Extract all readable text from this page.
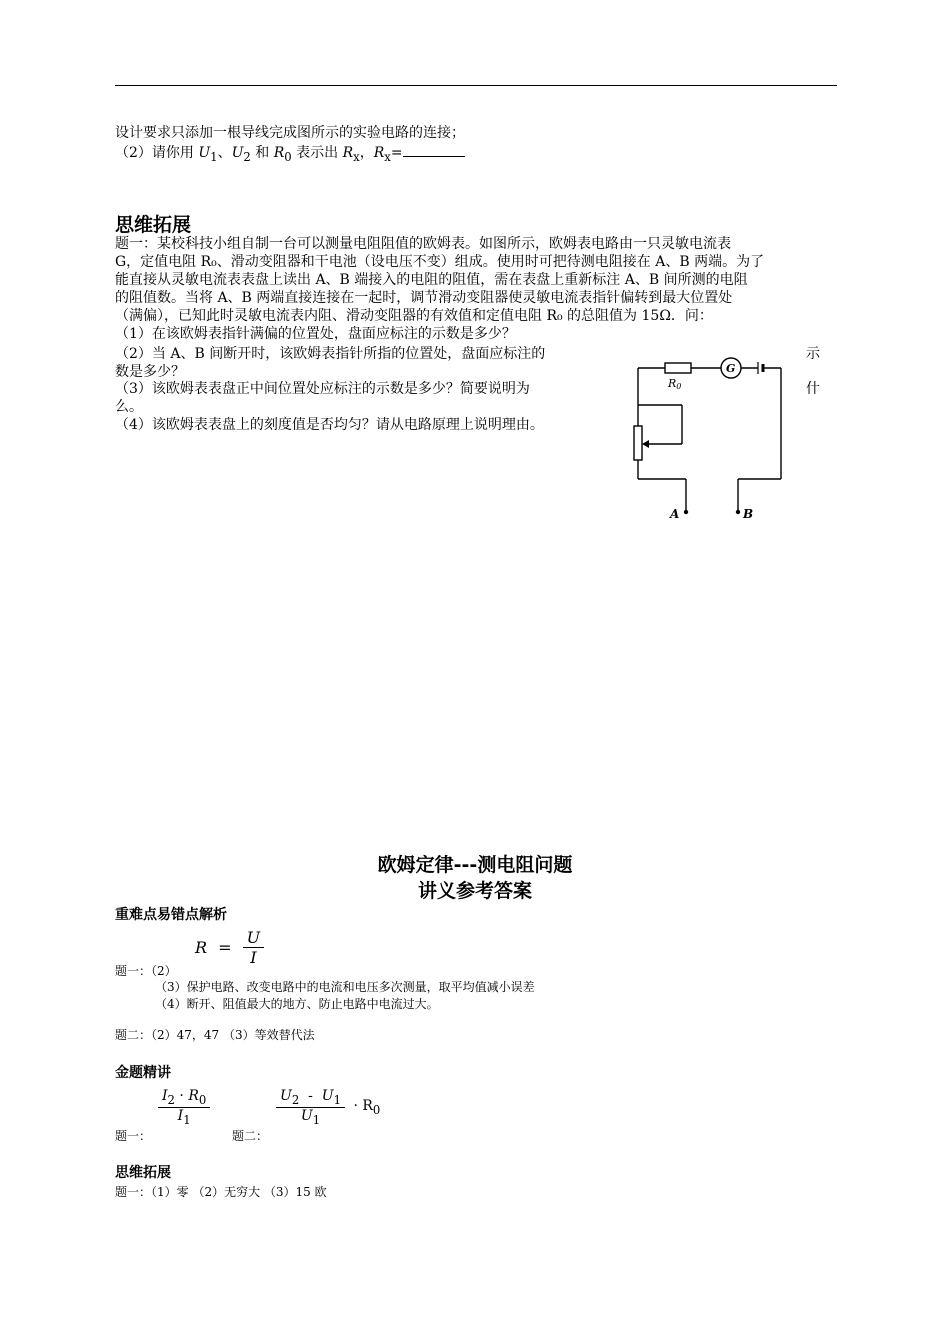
设计要求只添加一根导线完成图所示的实验电路的连接；
（2）请你用 $U_1$、$U_2$ 和 $R_0$ 表示出 $R_x$，$R_x=$
思维拓展
题一：某校科技小组自制一台可以测量电阻阻值的欧姆表。如图所示，欧姆表电路由一只灵敏电流表
G，定值电阻 R₀、滑动变阻器和干电池（设电压不变）组成。使用时可把待测电阻接在 A、B 两端。为了
能直接从灵敏电流表表盘上读出 A、B 端接入的电阻的阻值，需在表盘上重新标注 A、B 间所测的电阻
的阻值数。当将 A、B 两端直接连接在一起时，调节滑动变阻器使灵敏电流表指针偏转到最大位置处
（满偏），已知此时灵敏电流表内阻、滑动变阻器的有效值和定值电阻 R₀ 的总阻值为 15Ω．问：
（1）在该欧姆表指针满偏的位置处，盘面应标注的示数是多少？
（2）当 A、B 间断开时，该欧姆表指针所指的位置处，盘面应标注的	示
数是多少？
（3）该欧姆表表盘正中间位置处应标注的示数是多少？简要说明为	什
么。
（4）该欧姆表表盘上的刻度值是否均匀？请从电路原理上说明理由。
R0
G
A	B
欧姆定律---测电阻问题
讲义参考答案
重难点易错点解析
$R = \frac{U}{I}$
题一：（2）
（3）保护电路、改变电路中的电流和电压多次测量，取平均值减小误差
（4）断开、阻值最大的地方、防止电路中电流过大。
题二：（2）47，47 （3）等效替代法
金题精讲
$\frac{I_2 \cdot R_0}{I_1}$
题一：	题二：
$\frac{U_2 - U_1}{U_1} \cdot R_0$
思维拓展
题一：（1）零 （2）无穷大 （3）15 欧
